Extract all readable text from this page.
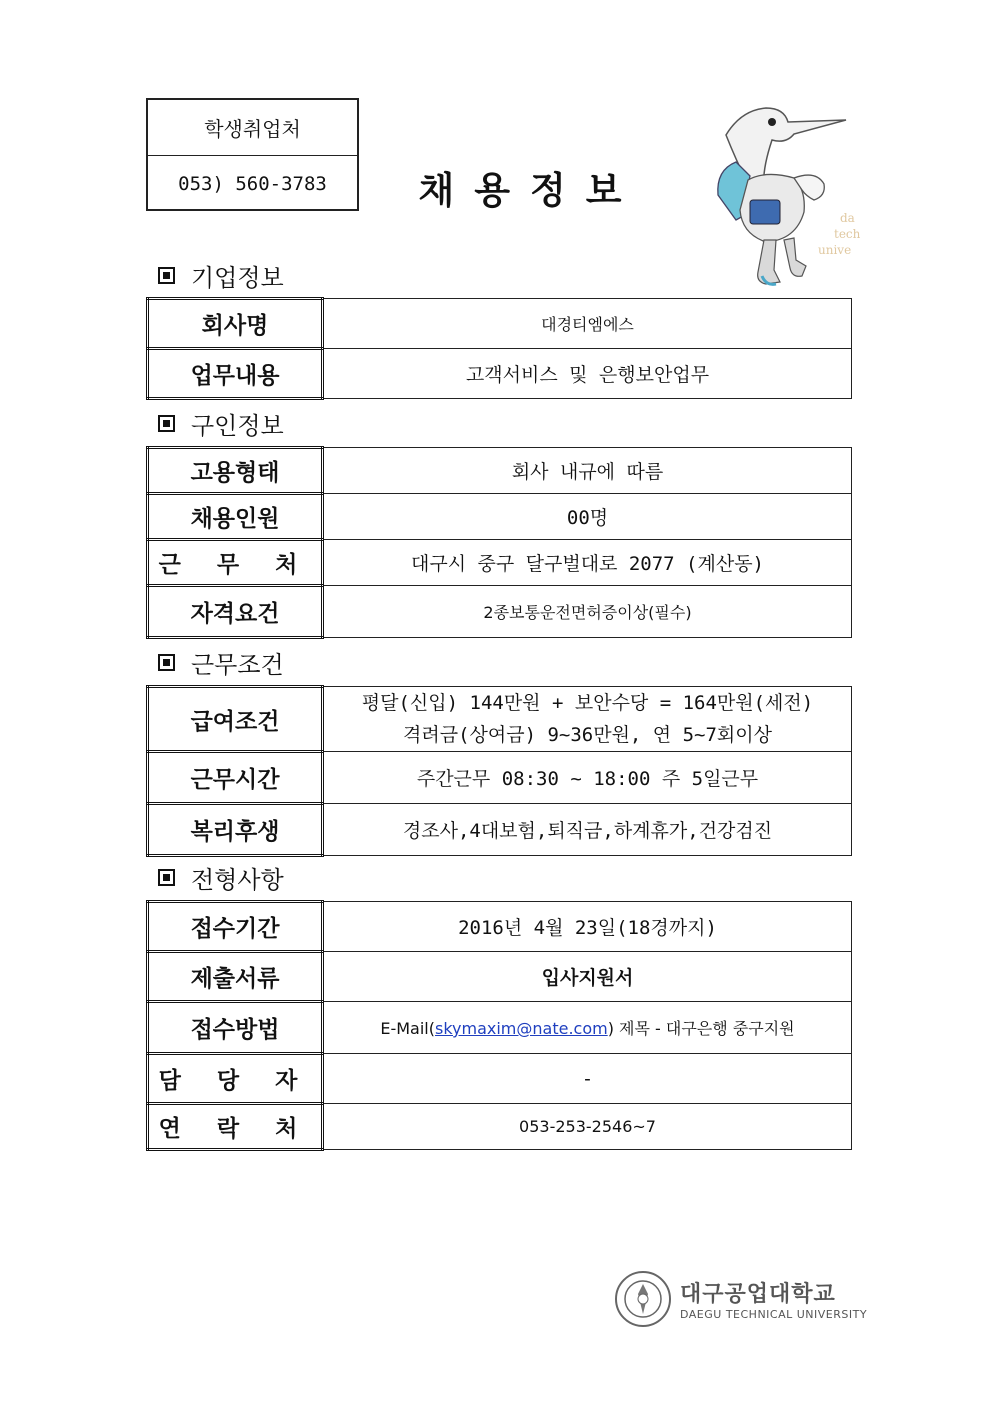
학생취업처
053) 560-3783	채용정보
da
tech
unive
기업정보
회사명	대경티엠에스
업무내용	고객서비스 및 은행보안업무
구인정보
고용형태	회사 내규에 따름
채용인원	00명
근 무 처	대구시 중구 달구벌대로 2077 (계산동)
자격요건	2종보통운전면허증이상(필수)
근무조건
급여조건	평달(신입) 144만원 + 보안수당 = 164만원(세전)
격려금(상여금) 9~36만원, 연 5~7회이상

근무시간	주간근무 08:30 ~ 18:00 주 5일근무
복리후생	경조사,4대보험,퇴직금,하계휴가,건강검진
전형사항
접수기간	2016년 4월 23일(18경까지)
제출서류	입사지원서
접수방법	E-Mail(skymaxim@nate.com) 제목 - 대구은행 중구지원
담 당 자	-
연 락 처	053-253-2546~7
대구공업대학교
DAEGU TECHNICAL UNIVERSITY
